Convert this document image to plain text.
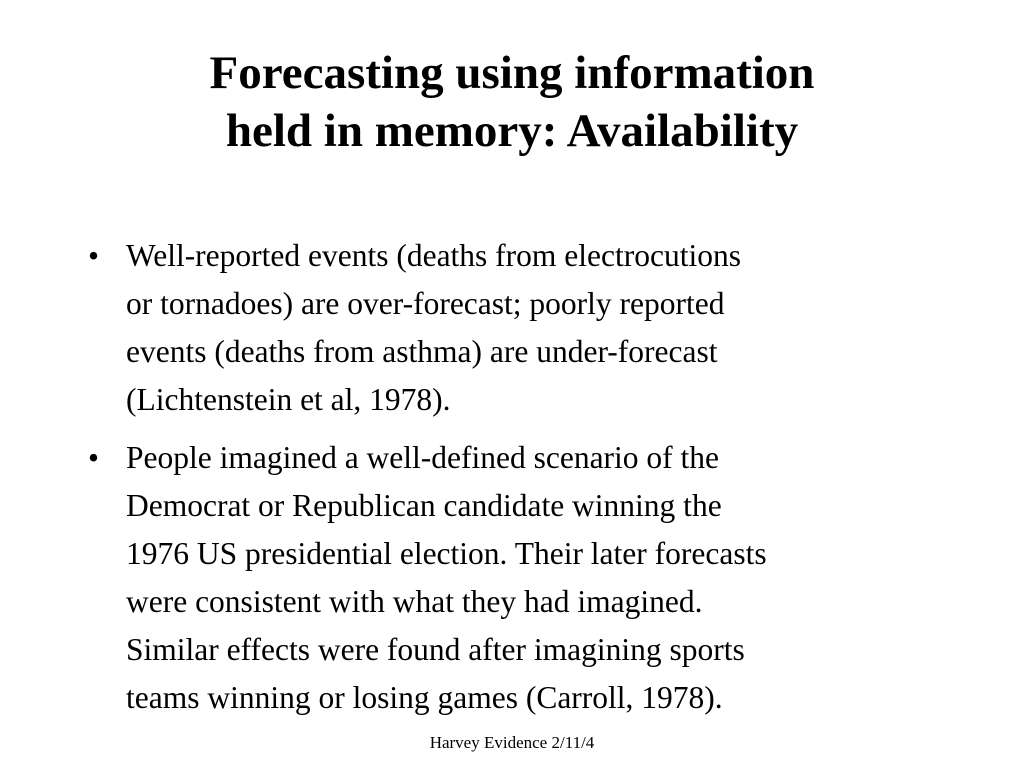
Forecasting using information
held in memory: Availability
• Well-reported events (deaths from electrocutions
or tornadoes) are over-forecast; poorly reported
events (deaths from asthma) are under-forecast
(Lichtenstein et al, 1978).
• People imagined a well-defined scenario of the
Democrat or Republican candidate winning the
1976 US presidential election. Their later forecasts
were consistent with what they had imagined.
Similar effects were found after imagining sports
teams winning or losing games (Carroll, 1978).
Harvey Evidence 2/11/4
